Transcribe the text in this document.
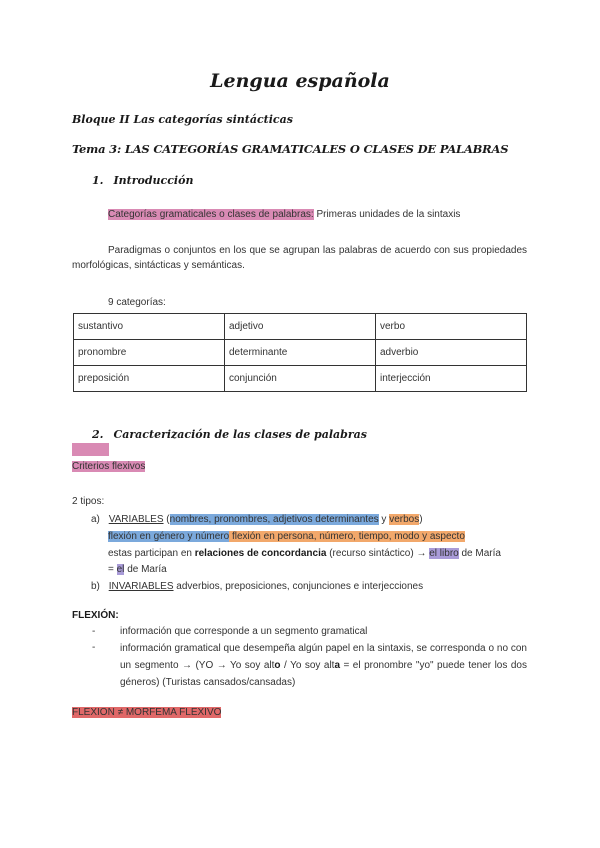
Lengua española
Bloque II Las categorías sintácticas
Tema 3: LAS CATEGORÍAS GRAMATICALES O CLASES DE PALABRAS
1. Introducción
Categorías gramaticales o clases de palabras: Primeras unidades de la sintaxis
Paradigmas o conjuntos en los que se agrupan las palabras de acuerdo con sus propiedades morfológicas, sintácticas y semánticas.
9 categorías:
sustantivo	adjetivo	verbo
pronombre	determinante	adverbio
preposición	conjunción	interjección
2. Caracterización de las clases de palabras
Criterios flexivos
2 tipos:
a) VARIABLES (nombres, pronombres, adjetivos determinantes y verbos)
flexión en género y número flexión en persona, número, tiempo, modo y aspecto
estas participan en relaciones de concordancia (recurso sintáctico) → el libro de María
= el de María
b) INVARIABLES adverbios, preposiciones, conjunciones e interjecciones
FLEXIÓN:
- información que corresponde a un segmento gramatical
-	información gramatical que desempeña algún papel en la sintaxis, se corresponda o no con un segmento → (YO → Yo soy alto / Yo soy alta = el pronombre "yo" puede tener los dos géneros) (Turistas cansados/cansadas)
FLEXION ≠ MORFEMA FLEXIVO
